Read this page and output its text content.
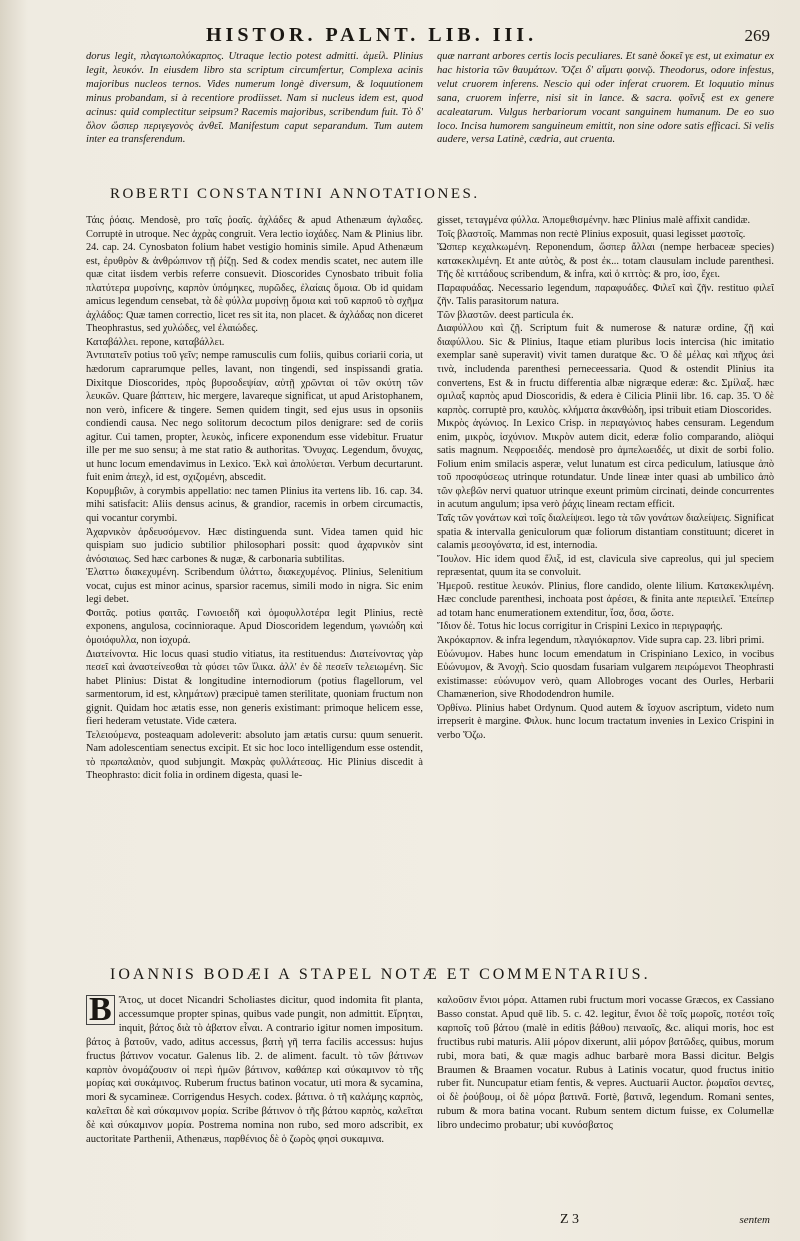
HISTOR. PALNT. LIB. III.	269

dorus legit, πλαγιωπολύκαρπος. Utraque lectio potest admitti. ἀμείλ. Plinius legit, λευκόν. In eiusdem libro sta scriptum circumfertur, Complexa acinis majoribus nucleos ternos. Vides numerum longè diversum, & loquutionem minus probandam, si à recentiore prodiisset. Nam si nucleus idem est, quod acinus: quid complectitur seipsum? Racemis majoribus, scribendum fuit. Τὸ δ' ὅλον ὥσπερ περιγεγονὸς ἀνθεῖ. Manifestum caput separandum. Tum autem inter ea transferendum.

quæ narrant arbores certis locis peculiares. Et sanè δοκεῖ γε est, ut eximatur ex hac historia τῶν θαυμάτων. Ὄζει δ' αἵματι φοινῷ. Theodorus, odore infestus, velut cruorem inferens. Nescio qui oder inferat cruorem. Et loquutio minus sana, cruorem inferre, nisi sit in lance. & sacra. φοῖνιξ est ex genere acaleatarum. Vulgus herbariorum vocant sanguinem humanum. De eo suo loco. Incisa humorem sanguineum emittit, non sine odore satis efficaci. Si velis audere, versa Latinè, cædria, aut cruenta.

ROBERTI CONSTANTINI ANNOTATIONES.

Τάις ῥόαις. Mendosè, pro ταῖς ῥοαῖς. ἀχλάδες & apud Athenæum ἀγλαδες. Corruptè in utroque. Nec ἀχρὰς congruit. Vera lectio ἰσχάδες. Nam & Plinius libr. 24. cap. 24. Cynosbaton folium habet vestigio hominis simile. Apud Athenæum est, ἐρυθρὸν & ἀνθρώπινον τῇ ῥίζῃ. Sed & codex mendis scatet, nec autem ille quæ citat iisdem verbis referre consuevit. Dioscorides Cynosbato tribuit folia πλατύτερα μυρσίνης, καρπὸν ὑπόμηκες, πυρῶδες, ἐλαίαις ὅμοια. Ob id quidam amicus legendum censebat, τὰ δὲ φύλλα μυρσίνῃ ὅμοια καὶ τοῦ καρποῦ τὸ σχῆμα ἀχλάδος: Quæ tamen correctio, licet res sit ita, non placet. & ἀχλάδας non diceret Theophrastus, sed χυλώδες, vel ἐλαιώδες.

Καταβάλλει. repone, καταβάλλει.

Ἀντιπατεῖν potius τοῦ γεῖν; nempe ramusculis cum foliis, quibus coriarii coria, ut hædorum caprarumque pelles, lavant, non tingendi, sed inspissandi gratia. Dixitque Dioscorides, πρὸς βυρσοδεψίαν, αὐτῇ χρῶνται οἱ τῶν σκύτη τῶν λευκῶν. Quare βάπτειν, hic mergere, lavareque significat, ut apud Aristophanem, non verò, inficere & tingere. Semen quidem tingit, sed ejus usus in opsoniis condiendi causa. Nec nego solitorum decoctum pilos denigrare: sed de coriis agitur. Cui tamen, propter, λευκὸς, inficere exponendum esse videbitur. Fruatur ille per me suo sensu; à me stat ratio & authoritas. Ὄνυχας. Legendum, ὄνυχας, ut hunc locum emendavimus in Lexico. Ἐκλ καὶ ἀπολύεται. Verbum decurtarunt. fuit enim ἀπεχλ, id est, σχιζομένη, abscedit.

Κορυμβιῶν, à corymbis appellatio: nec tamen Plinius ita vertens lib. 16. cap. 34. mihi satisfacit: Aliis densus acinus, & grandior, racemis in orbem circumactis, qui vocantur corymbi.

Ἀχαρνικὸν ἀρδευσόμενον. Hæc distinguenda sunt. Videa tamen quid hic quispiam suo judicio subtilior philosophari possit: quod ἀχαρνικὸν sint ἀνόσιαιως. Sed hæc carbones & nugæ, & carbonaria subtilitas.

Ἐλαττω διακεχυμένη. Scribendum ὑλάττω, διακεχυμένος. Plinius, Selenitium vocat, cujus est minor acinus, sparsior racemus, simili modo in nigra. Sic enim legi debet.

Φοιτᾶς. potius φαιτᾶς. Γωνιοειδῆ καὶ ὁμοφυλλοτέρα legit Plinius, rectè exponens, angulosa, cocinnioraque. Apud Dioscoridem legendum, γωνιώδη καὶ ὁμοιόφυλλα, non ἰσχυρά.

Διατείνοντα. Hic locus quasi studio vitiatus, ita restituendus: Διατείνοντας γὰρ πεσεῖ καὶ ἀναστείνεσθαι τὰ φύσει τῶν ἴλικα. ἀλλ' ἐν δὲ πεσεῖν τελειωμένη. Sic habet Plinius: Distat & longitudine internodiorum (potius flagellorum, vel sarmentorum, id est, κλημάτων) præcipuè tamen sterilitate, quoniam fructum non gignit. Quidam hoc ætatis esse, non generis existimant: primoque helicem esse, fieri hederam vetustate. Vide cætera.

Τελειούμενα, posteaquam adoleverit: absoluto jam ætatis cursu: quum senuerit. Nam adolescentiam senectus excipit. Et sic hoc loco intelligendum esse ostendit, τὸ πρωπαλαιὸν, quod subjungit. Μακρὰς φυλλάτεσας. Hic Plinius discedit à Theophrasto: dicit folia in ordinem digesta, quasi le-

gisset, τεταγμένα φύλλα. Ἀπομεθισμένην. hæc Plinius malè affixit candidæ.

Τοῖς βλαστοῖς. Mammas non rectè Plinius exposuit, quasi legisset μαστοῖς.

Ὥσπερ κεχαλκωμένη. Reponendum, ὥσπερ ἄλλαι (nempe herbaceæ species) κατακεκλιμένη. Et ante αὐτὸς, & post ἐκ... totam clausulam include parenthesi. Τῆς δὲ κιττάδους scribendum, & infra, καὶ ὁ κιττὸς: & pro, ἰσο, ἔχει.

Παραφυάδας. Necessario legendum, παραφυάδες. Φιλεῖ καὶ ζῆν. restituo φιλεῖ ζῆν. Talis parasitorum natura.

Τῶν βλαστῶν. deest particula ἐκ.

Διαφύλλου καὶ ζῇ. Scriptum fuit & numerose & naturæ ordine, ζῇ καὶ διαφύλλου. Sic & Plinius, Itaque etiam pluribus locis intercisa (hic imitatio exemplar sanè superavit) vivit tamen duratque &c. Ὁ δὲ μέλας καὶ πῆχυς ἀεὶ τινὰ, includenda parenthesi perneceessaria. Quod & ostendit Plinius ita convertens, Est & in fructu differentia albæ nigræque ederæ: &c. Σμίλαξ. hæc σμιλαξ καρπὸς apud Dioscoridis, & edera è Cilicia Plinii libr. 16. cap. 35. Ὁ δὲ καρπὸς. corruptè pro, καυλὸς. κλήματα ἀκανθώδη, ipsi tribuit etiam Dioscorides.

Μικρὸς ἀγώνιος. In Lexico Crisp. in περιαγώνιος habes censuram. Legendum enim, μικρὸς, ἰσχύνιον. Μικρὸν autem dicit, ederæ folio comparando, aliòqui satis magnum. Νεφροειδές. mendosè pro ἀμπελωειδές, ut dixit de sorbi folio. Folium enim smilacis asperæ, velut lunatum est circa pediculum, latiusque ἀπὸ τοῦ προσφύσεως utrinque rotundatur. Unde lineæ inter quasi ab umbilico ἀπὸ τῶν φλεβῶν nervi quatuor utrinque exeunt primùm circinati, deinde concurrentes in acutum angulum; ipsa verò ῥάχις lineam rectam efficit.

Ταῖς τῶν γονάτων καὶ τοῖς διαλείψεσι. lego τὰ τῶν γονάτων διαλείψεις. Significat spatia & intervalla geniculorum quæ foliorum distantiam constituunt; diceret in calamis μεσογόνατα, id est, internodia.

Ἴουλον. Hic idem quod ἕλιξ, id est, clavicula sive capreolus, qui jul speciem repræsentat, quum ita se convoluit.

Ἡμεροῦ. restitue λευκόν. Plinius, flore candido, olente lilium. Κατακεκλιμένη. Hæc conclude parenthesi, inchoata post ἀρέσει, & finita ante περιειλεῖ. Ἐπείπερ ad totam hanc enumerationem extenditur, ἴσα, ὅσα, ὥστε.

Ἴδιον δὲ. Totus hic locus corrigitur in Crispini Lexico in περιγραφής.

Ἀκρόκαρπον. & infra legendum, πλαγιόκαρπον. Vide supra cap. 23. libri primi.

Εὐώνυμον. Habes hunc locum emendatum in Crispiniano Lexico, in vocibus Εὐώνυμον, & Ἀνοχὴ. Scio quosdam fusariam vulgarem πειρώμενοι Theophrasti existimasse: εὐώνυμον verò, quam Allobroges vocant des Ourles, Herbarii Chamænerion, sive Rhododendron humile.

Ὀρθίνω. Plinius habet Ordynum. Quod autem & ἴσχυον ascriptum, videto num irrepserit è margine. Φιλυκ. hunc locum tractatum invenies in Lexico Crispini in verbo Ὄζω.

IOANNIS BODÆI A STAPEL NOTÆ ET COMMENTARIUS.

B Ἄτος, ut docet Nicandri Scholiastes dicitur, quod indomita fit planta, accessumque propter spinas, quibus vade pungit, non admittit. Εἴρηται, inquit, βάτος διὰ τὸ ἀβατον εἶναι. A contrario igitur nomen impositum. βάτος à βατοῦν, vado, aditus accessus, βατὴ γῆ terra facilis accessus: hujus fructus βάτινον vocatur. Galenus lib. 2. de aliment. facult. τὸ τῶν βάτινων καρπὸν ὀνομάζουσιν οἱ περὶ ἡμῶν βάτινον, καθάπερ καὶ σύκαμινον τὸ τῆς μορίας καὶ συκάμινος. Ruberum fructus batinon vocatur, uti mora & sycamina, mori & sycamineæ. Corrigendus Hesych. codex. βάτινα. ὁ τῆ καλάμης καρπὸς, καλεῖται δὲ καὶ σύκαμινον μορία. Scribe βάτινον ὁ τῆς βάτου καρπὸς, καλεῖται δὲ καὶ σύκαμινον μορία. Postrema nomina non rubo, sed moro adscribit, ex auctoritate Parthenii, Athenæus, παρθένιος δὲ ὁ ζωρὸς φησὶ συκαμινα.

καλοῦσιν ἔνιοι μόρα. Attamen rubi fructum mori vocasse Græcos, ex Cassiano Basso constat. Apud quē lib. 5. c. 42. legitur, ἔνιοι δὲ τοῖς μωροῖς, ποτέσι τοῖς καρποῖς τοῦ βάτου (malè in editis βάθου) πειναοῖς, &c. aliqui moris, hoc est fructibus rubi maturis. Alii μόρον dixerunt, alii μόρον βατῶδες, quibus, morum rubi, mora bati, & quæ magis adhuc barbarè mora Bassi dicitur. Belgis Braumen & Braamen vocatur. Rubus à Latinis vocatur, quod fructus initio ruber fit. Nuncupatur etiam fentis, & vepres. Auctuarii Auctor. ῥωμαῖοι σεντες, οἱ δὲ ῥούβουμ, οἱ δὲ μόρα βατινᾶ. Fortè, βατινᾶ, legendum. Romani sentes, rubum & mora batina vocant. Rubum sentem dictum fuisse, ex Columellæ libro undecimo probatur; ubi κυνόσβατος

Z 3	sentem
